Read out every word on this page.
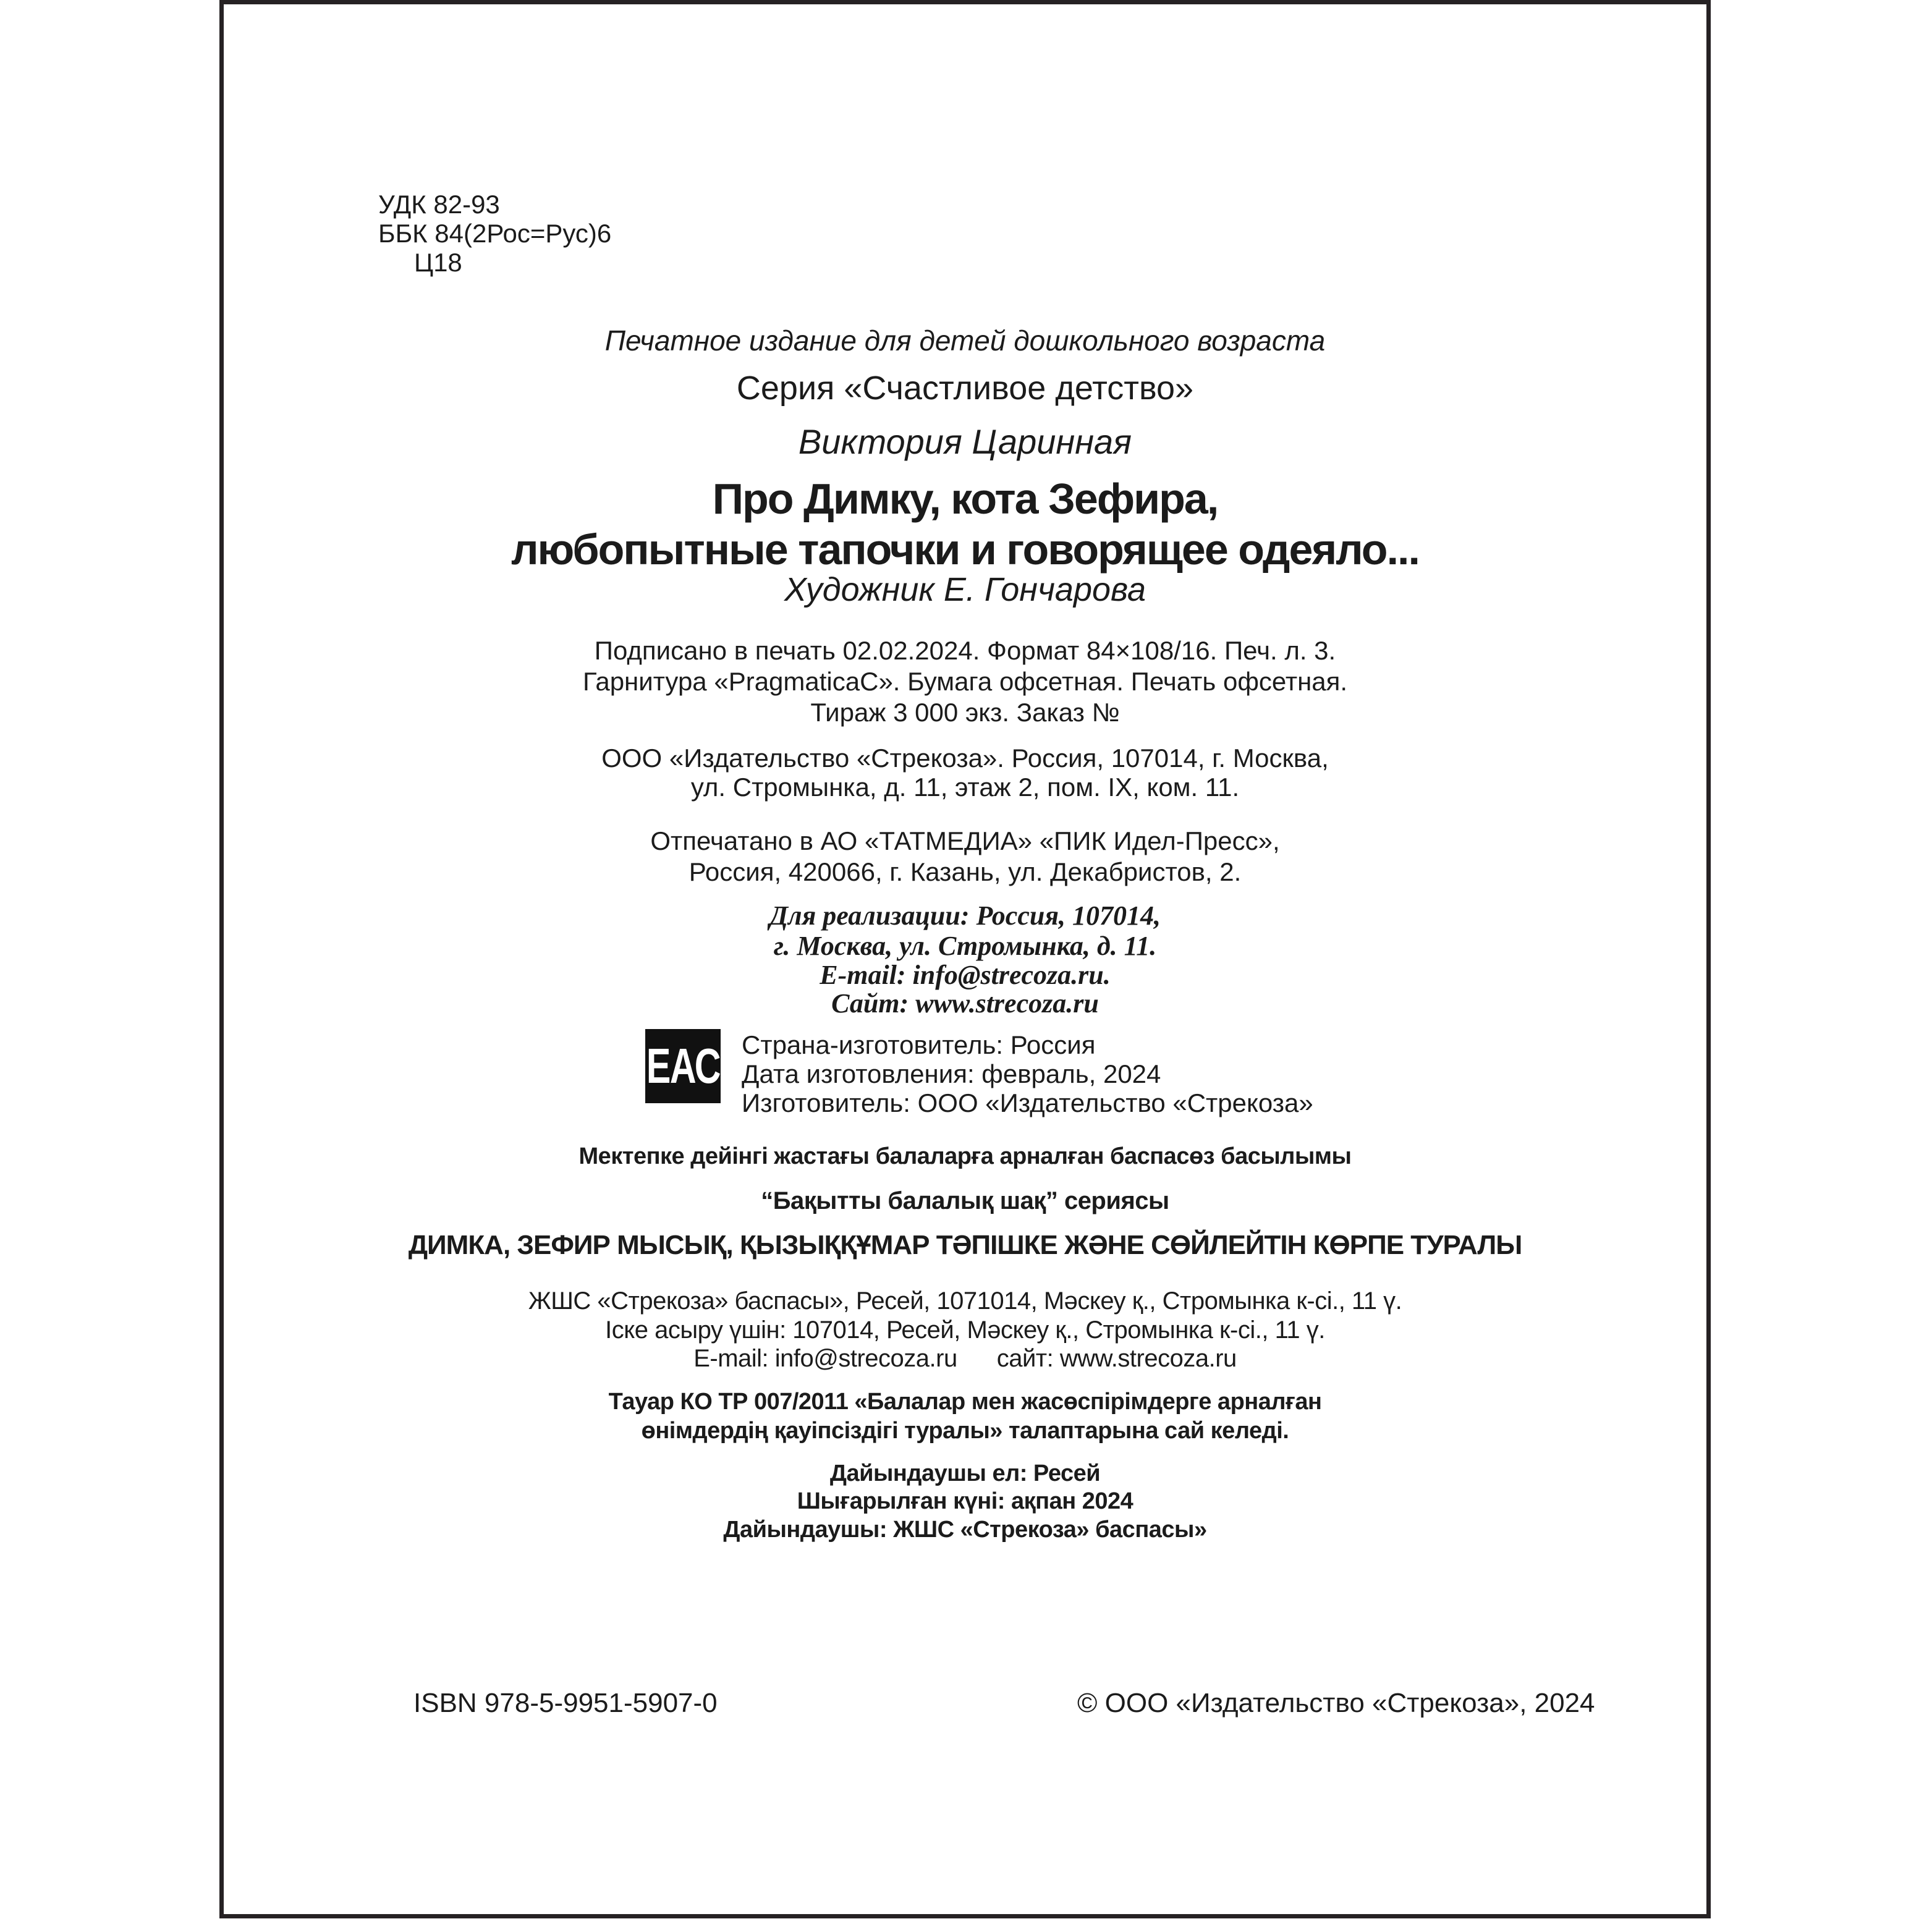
УДК 82-93
ББК 84(2Рос=Рус)6
Ц18
Печатное издание для детей дошкольного возраста
Серия «Счастливое детство»
Виктория Царинная
Про Димку, кота Зефира,
любопытные тапочки и говорящее одеяло...
Художник Е. Гончарова
Подписано в печать 02.02.2024. Формат 84×108/16. Печ. л. 3.
Гарнитура «PragmaticaC». Бумага офсетная. Печать офсетная.
Тираж 3 000 экз. Заказ №
ООО «Издательство «Стрекоза». Россия, 107014, г. Москва,
ул. Стромынка, д. 11, этаж 2, пом. IX, ком. 11.
Отпечатано в АО «ТАТМЕДИА» «ПИК Идел-Пресс»,
Россия, 420066, г. Казань, ул. Декабристов, 2.
Для реализации: Россия, 107014,
г. Москва, ул. Стромынка, д. 11.
E-mail: info@strecoza.ru.
Сайт: www.strecoza.ru
ЕАС Страна-изготовитель: Россия
Дата изготовления: февраль, 2024
Изготовитель: ООО «Издательство «Стрекоза»
Мектепке дейінгі жастағы балаларға арналған баспасөз басылымы
“Бақытты балалық шақ” сериясы
ДИМКА, ЗЕФИР МЫСЫҚ, ҚЫЗЫҚҚҰМАР ТӘПІШКЕ ЖӘНЕ СӨЙЛЕЙТІН КӨРПЕ ТУРАЛЫ
ЖШС «Стрекоза» баспасы», Ресей, 1071014, Мәскеу қ., Стромынка к-сі., 11 ү.
Іске асыру үшін: 107014, Ресей, Мәскеу қ., Стромынка к-сі., 11 ү.
E-mail: info@strecoza.ru сайт: www.strecoza.ru
Тауар КО ТР 007/2011 «Балалар мен жасөспірімдерге арналған
өнімдердің қауіпсіздігі туралы» талаптарына сай келеді.
Дайындаушы ел: Ресей
Шығарылған күні: ақпан 2024
Дайындаушы: ЖШС «Стрекоза» баспасы»
ISBN 978-5-9951-5907-0	© ООО «Издательство «Стрекоза», 2024
